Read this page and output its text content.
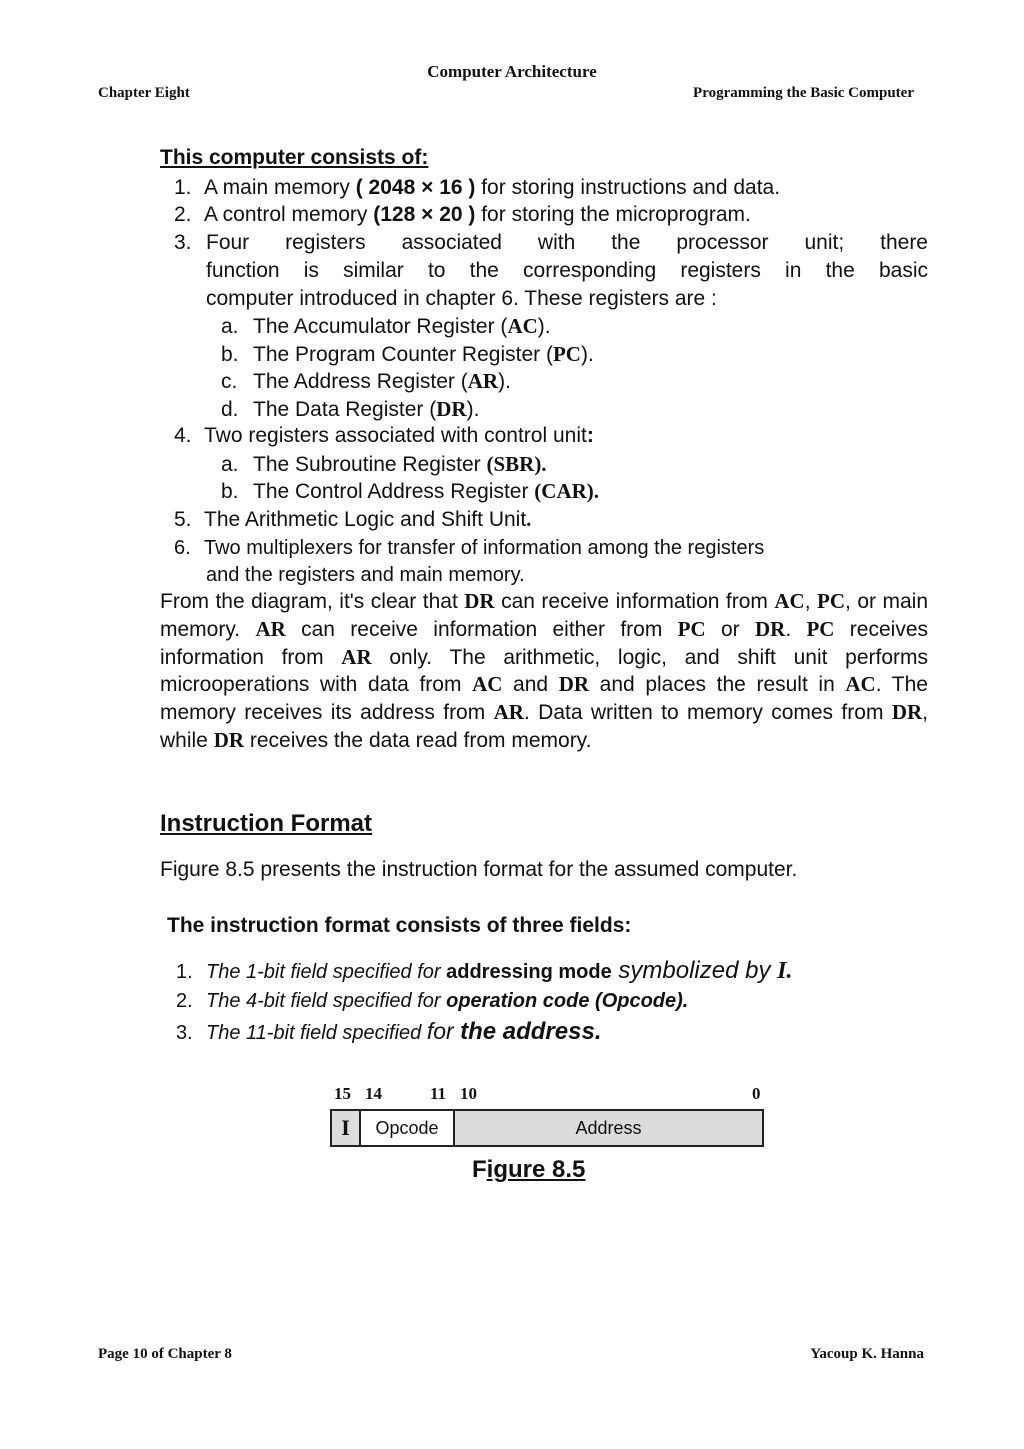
Computer Architecture
Chapter Eight	Programming the Basic Computer
This computer consists of:
1. A main memory ( 2048 × 16 ) for storing instructions and data.
2. A control memory (128 × 20 ) for storing the microprogram.
3. Four registers associated with the processor unit; there
function is similar to the corresponding registers in the basic
computer introduced in chapter 6. These registers are :
a. The Accumulator Register (AC).
b. The Program Counter Register (PC).
c. The Address Register (AR).
d. The Data Register (DR).
4. Two registers associated with control unit:
a. The Subroutine Register (SBR).
b. The Control Address Register (CAR).
5. The Arithmetic Logic and Shift Unit.
6. Two multiplexers for transfer of information among the registers
and the registers and main memory.
From the diagram, it's clear that DR can receive information from AC, PC, or main memory. AR can receive information either from PC or DR. PC receives information from AR only. The arithmetic, logic, and shift unit performs microoperations with data from AC and DR and places the result in AC. The memory receives its address from AR. Data written to memory comes from DR, while DR receives the data read from memory.
Instruction Format
Figure 8.5 presents the instruction format for the assumed computer.
The instruction format consists of three fields:
1. The 1-bit field specified for addressing mode symbolized by I.
2. The 4-bit field specified for operation code (Opcode).
3. The 11-bit field specified for the address.
15 14	11 10	0
I	Opcode	Address
Figure 8.5
Page 10 of Chapter 8	Yacoup K. Hanna
